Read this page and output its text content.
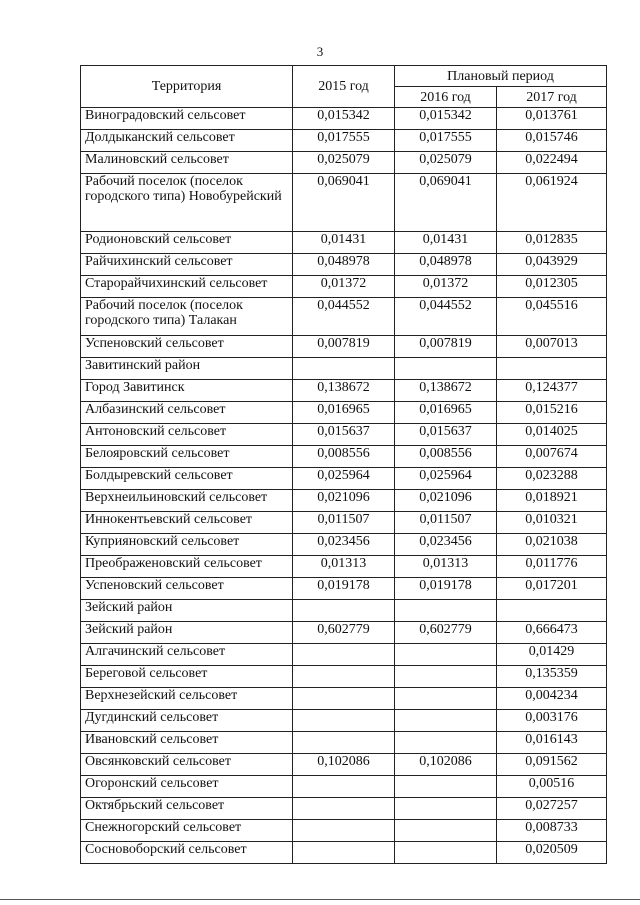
3
Территория	2015 год	Плановый период	
		2016 год	2017 год
Виноградовский сельсовет	0,015342	0,015342	0,013761
Долдыканский сельсовет	0,017555	0,017555	0,015746
Малиновский сельсовет	0,025079	0,025079	0,022494
Рабочий поселок (поселок городского типа) Новобурейский	0,069041	0,069041	0,061924
Родионовский сельсовет	0,01431	0,01431	0,012835
Райчихинский сельсовет	0,048978	0,048978	0,043929
Старорайчихинский сельсовет	0,01372	0,01372	0,012305
Рабочий поселок (поселок городского типа) Талакан	0,044552	0,044552	0,045516
Успеновский сельсовет	0,007819	0,007819	0,007013
Завитинский район			
Город Завитинск	0,138672	0,138672	0,124377
Албазинский сельсовет	0,016965	0,016965	0,015216
Антоновский сельсовет	0,015637	0,015637	0,014025
Белояровский сельсовет	0,008556	0,008556	0,007674
Болдыревский сельсовет	0,025964	0,025964	0,023288
Верхнеильиновский сельсовет	0,021096	0,021096	0,018921
Иннокентьевский сельсовет	0,011507	0,011507	0,010321
Куприяновский сельсовет	0,023456	0,023456	0,021038
Преображеновский сельсовет	0,01313	0,01313	0,011776
Успеновский сельсовет	0,019178	0,019178	0,017201
Зейский район			
Зейский район	0,602779	0,602779	0,666473
Алгачинский сельсовет			0,01429
Береговой сельсовет			0,135359
Верхнезейский сельсовет			0,004234
Дугдинский сельсовет			0,003176
Ивановский сельсовет			0,016143
Овсянковский сельсовет	0,102086	0,102086	0,091562
Огоронский сельсовет			0,00516
Октябрьский сельсовет			0,027257
Снежногорский сельсовет			0,008733
Сосновоборский сельсовет			0,020509
